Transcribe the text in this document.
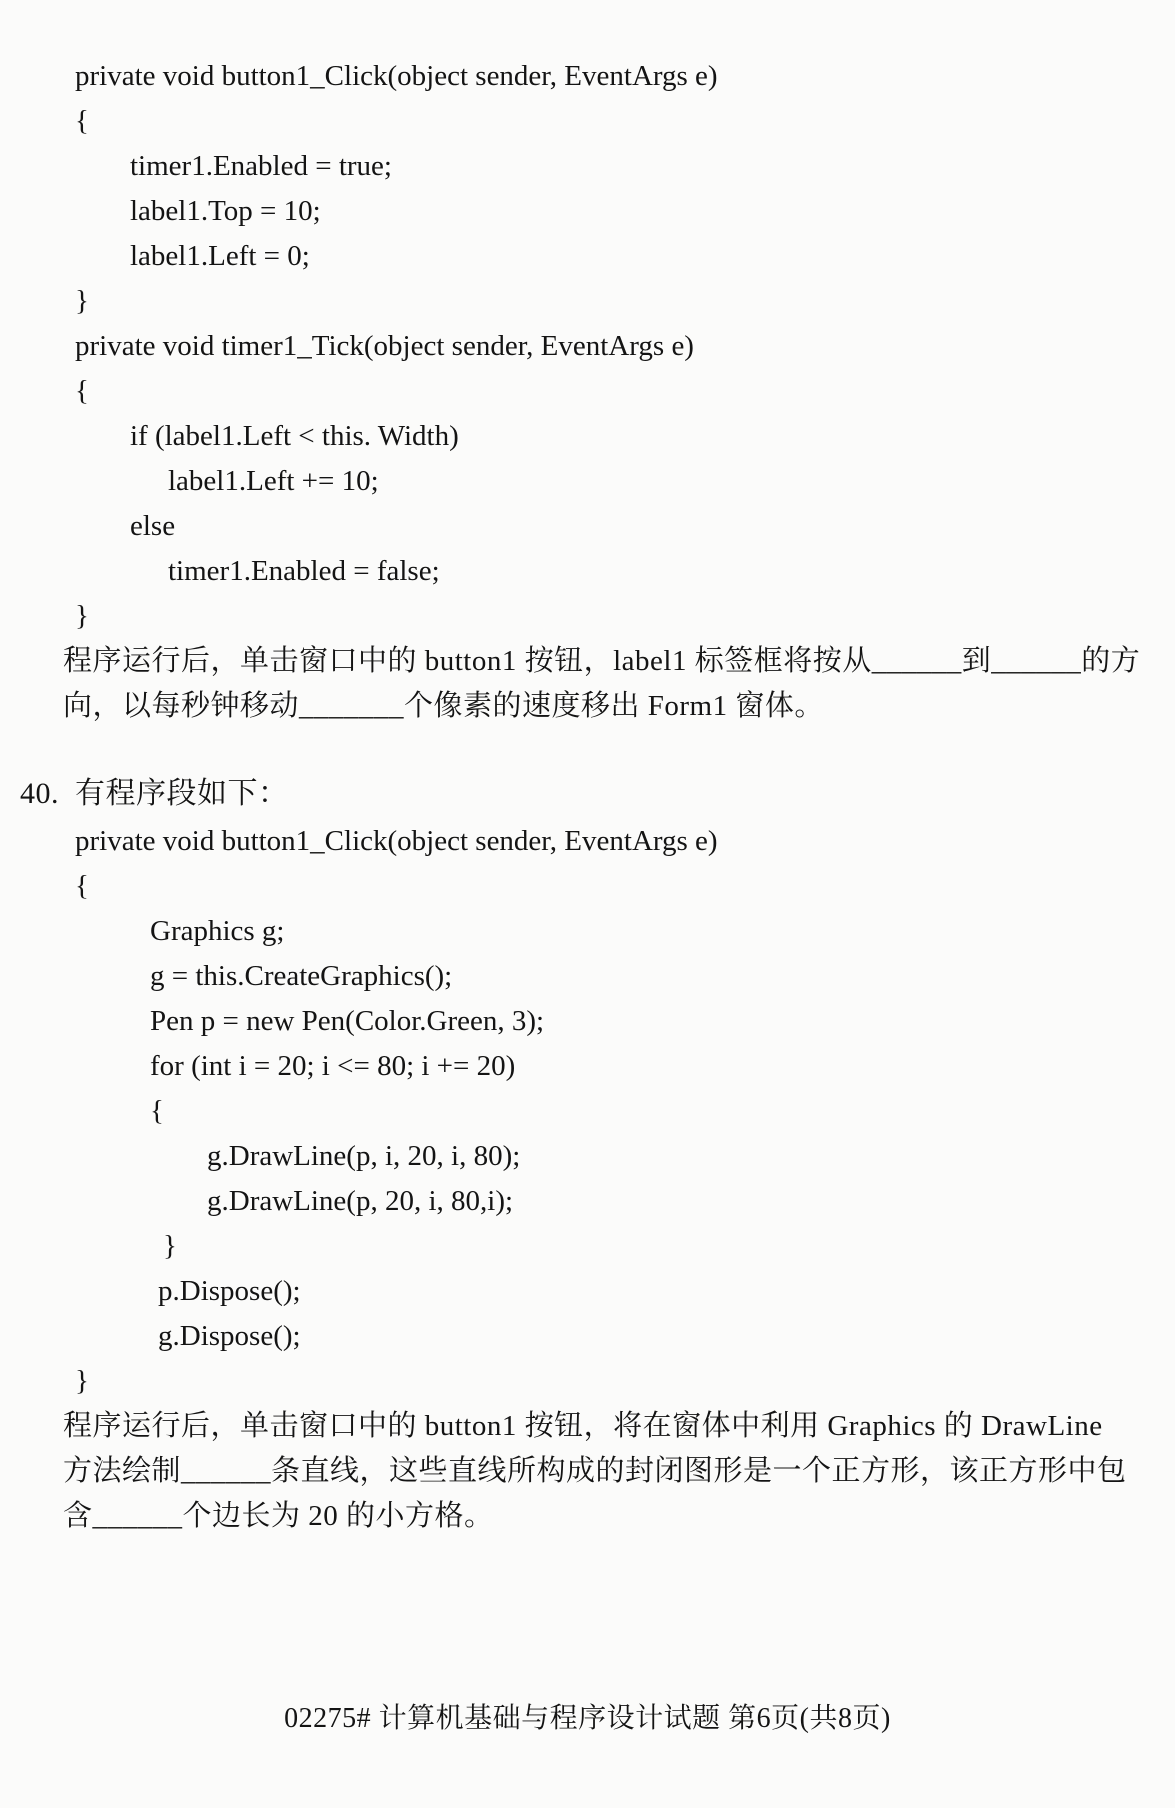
private void button1_Click(object sender, EventArgs e)
{
timer1.Enabled = true;
label1.Top = 10;
label1.Left = 0;
}
private void timer1_Tick(object sender, EventArgs e)
{
if (label1.Left < this. Width)
label1.Left += 10;
else
timer1.Enabled = false;
}

程序运行后，单击窗口中的 button1 按钮，label1 标签框将按从______到______的方

向，以每秒钟移动_______个像素的速度移出 Form1 窗体。

40. 有程序段如下：
private void button1_Click(object sender, EventArgs e)
{
Graphics g;
g = this.CreateGraphics();
Pen p = new Pen(Color.Green, 3);
for (int i = 20; i <= 80; i += 20)
{
g.DrawLine(p, i, 20, i, 80);
g.DrawLine(p, 20, i, 80,i);
}
p.Dispose();
g.Dispose();
}

程序运行后，单击窗口中的 button1 按钮，将在窗体中利用 Graphics 的 DrawLine

方法绘制______条直线，这些直线所构成的封闭图形是一个正方形，该正方形中包

含______个边长为 20 的小方格。

02275# 计算机基础与程序设计试题 第6页(共8页)
